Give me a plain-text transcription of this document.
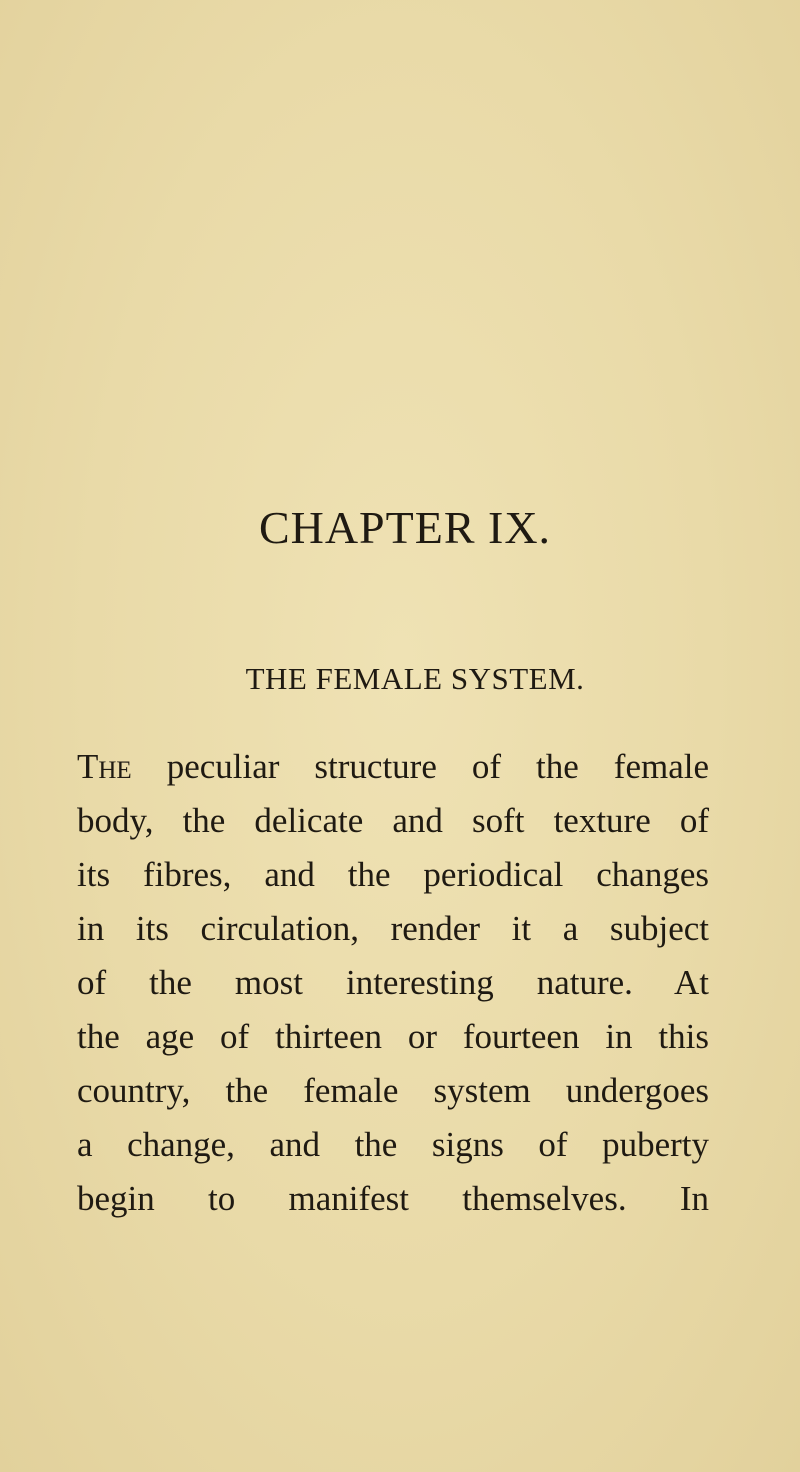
CHAPTER IX.
THE FEMALE SYSTEM.
The peculiar structure of the female
body, the delicate and soft texture of
its fibres, and the periodical changes
in its circulation, render it a subject
of the most interesting nature. At
the age of thirteen or fourteen in this
country, the female system undergoes
a change, and the signs of puberty
begin to manifest themselves. In
